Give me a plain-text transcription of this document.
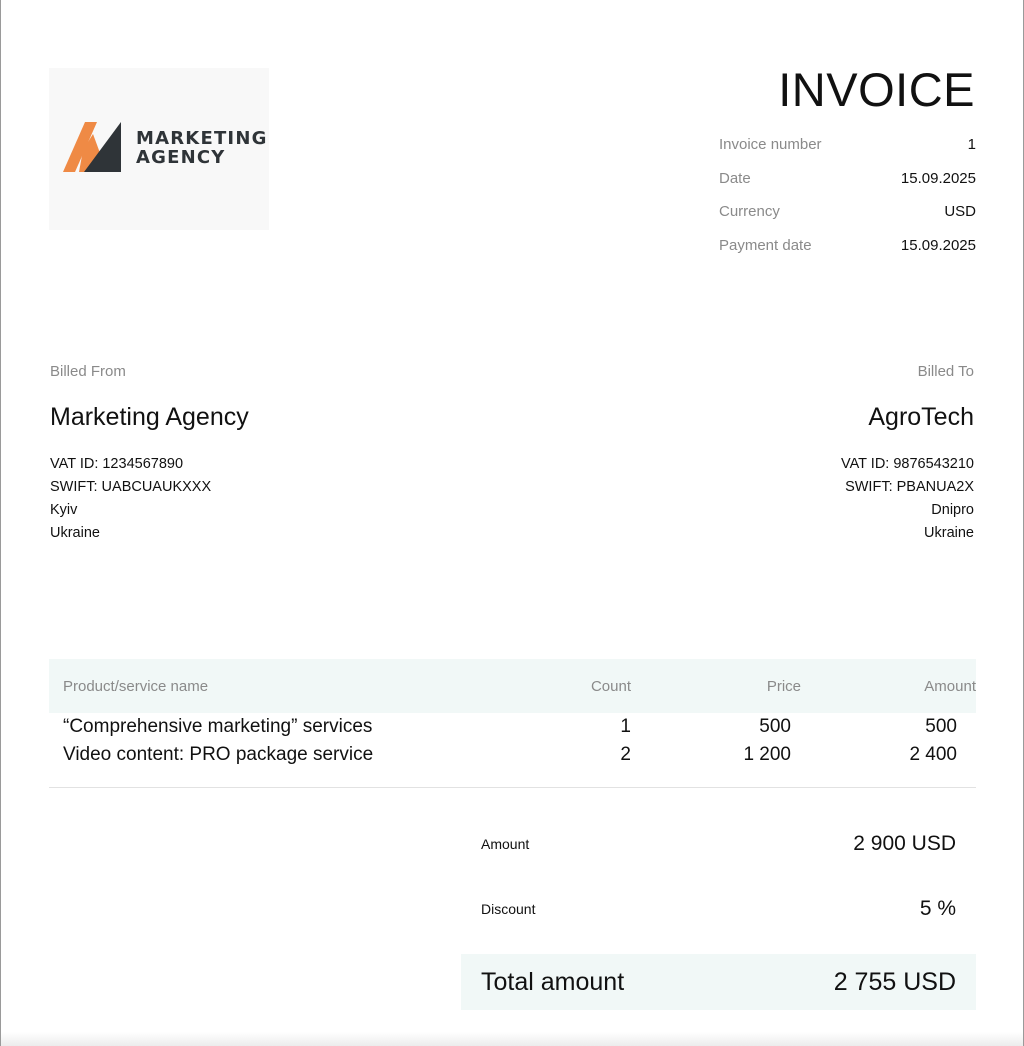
MARKETING
AGENCY
INVOICE
Invoice number	1
Date	15.09.2025
Currency	USD
Payment date	15.09.2025
Billed From
Marketing Agency
VAT ID: 1234567890
SWIFT: UABCUAUKXXX
Kyiv
Ukraine
Billed To
AgroTech
VAT ID: 9876543210
SWIFT: PBANUA2X
Dnipro
Ukraine
Product/service name	Count	Price	Amount
“Comprehensive marketing” services	1	500	500
Video content: PRO package service	2	1 200	2 400
Amount	2 900 USD
Discount	5 %
Total amount	2 755 USD
